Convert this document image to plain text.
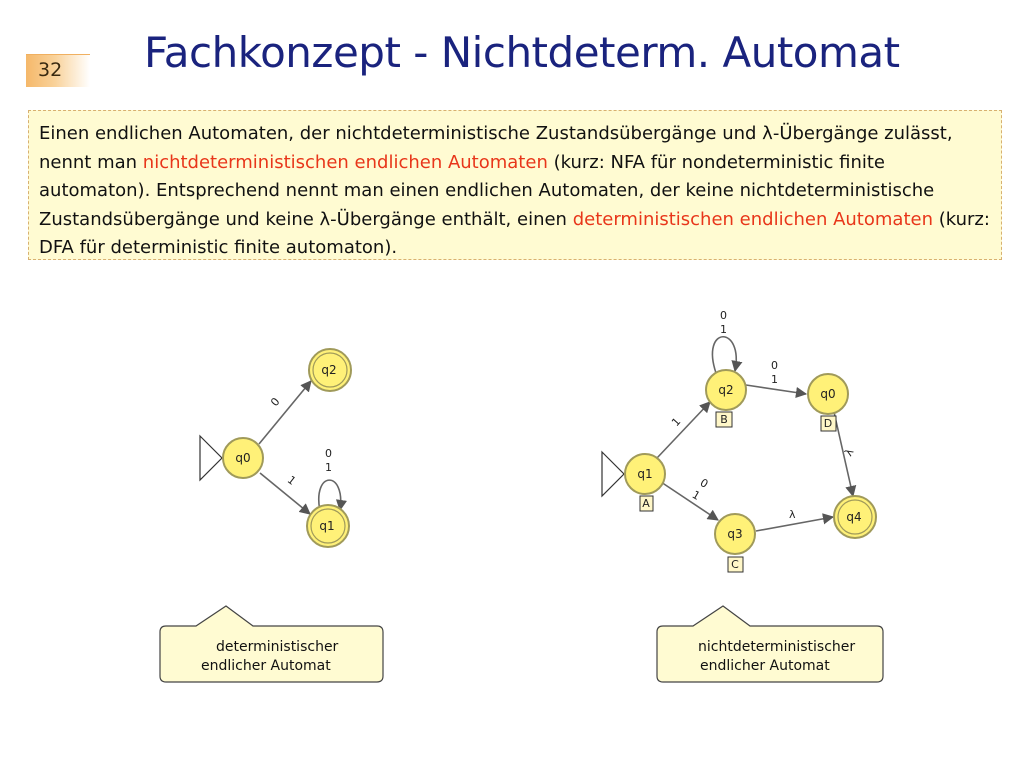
32 Fachkonzept - Nichtdeterm. Automat
Einen endlichen Automaten, der nichtdeterministische Zustandsübergänge und λ-Übergänge zulässt, nennt man nichtdeterministischen endlichen Automaten (kurz: NFA für nondeterministic finite automaton). Entsprechend nennt man einen endlichen Automaten, der keine nichtdeterministische Zustandsübergänge und keine λ-Übergänge enthält, einen deterministischen endlichen Automaten (kurz: DFA für deterministic finite automaton).
0
1
0
1
q0
q2
q1
0
1
0
1
1
0
1
λ
λ
q1
A
q2
B
q0
D
q3
C
q4
deterministischer
endlicher Automat
nichtdeterministischer
endlicher Automat
